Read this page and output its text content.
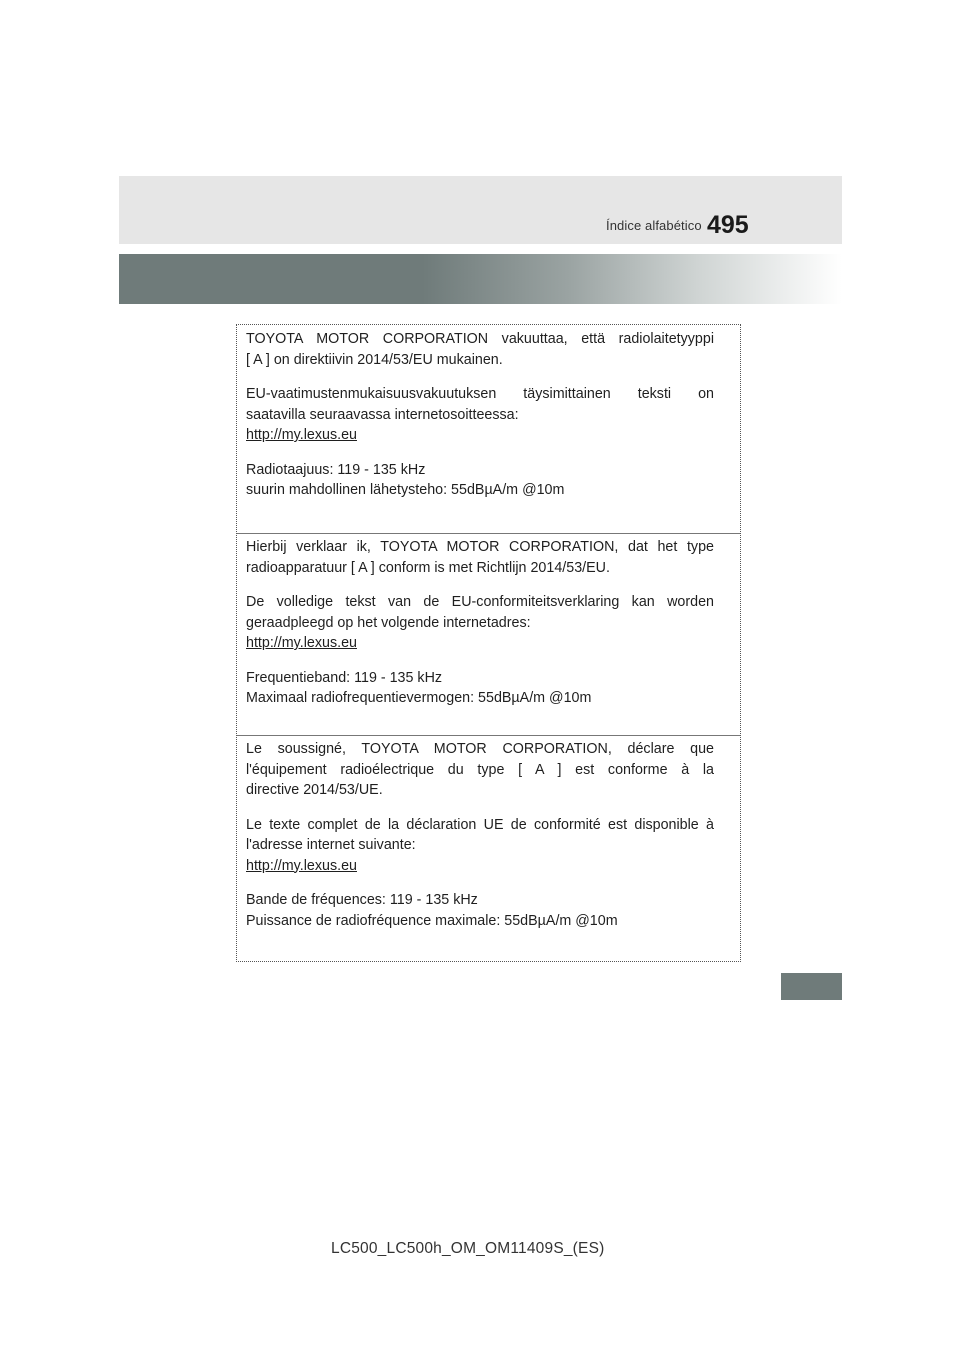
Índice alfabético 495

TOYOTA MOTOR CORPORATION vakuuttaa, että radiolaitetyyppi
[ A ] on direktiivin 2014/53/EU mukainen.

EU-vaatimustenmukaisuusvakuutuksen täysimittainen teksti on
saatavilla seuraavassa internetosoitteessa:
http://my.lexus.eu

Radiotaajuus: 119 - 135 kHz
suurin mahdollinen lähetysteho: 55dBµA/m @10m

Hierbij verklaar ik, TOYOTA MOTOR CORPORATION, dat het type
radioapparatuur [ A ] conform is met Richtlijn 2014/53/EU.

De volledige tekst van de EU-conformiteitsverklaring kan worden
geraadpleegd op het volgende internetadres:
http://my.lexus.eu

Frequentieband: 119 - 135 kHz
Maximaal radiofrequentievermogen: 55dBµA/m @10m

Le soussigné, TOYOTA MOTOR CORPORATION, déclare que
l'équipement radioélectrique du type [ A ] est conforme à la
directive 2014/53/UE.

Le texte complet de la déclaration UE de conformité est disponible à
l'adresse internet suivante:
http://my.lexus.eu

Bande de fréquences: 119 - 135 kHz
Puissance de radiofréquence maximale: 55dBµA/m @10m

LC500_LC500h_OM_OM11409S_(ES)
